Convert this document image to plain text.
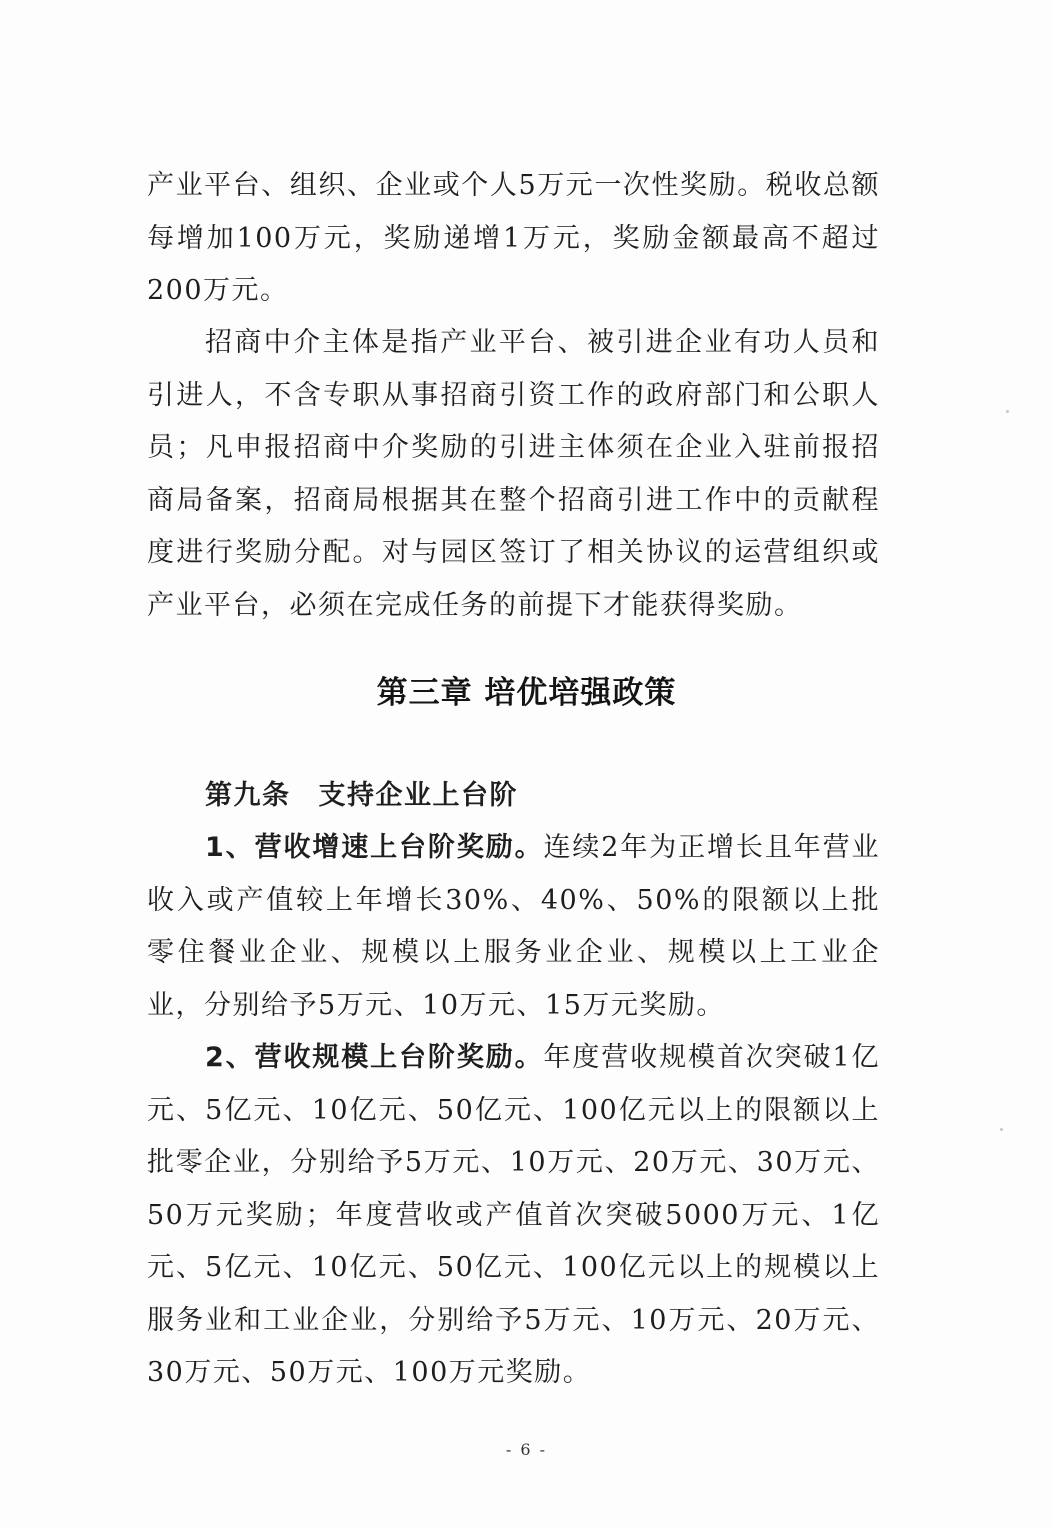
产业平台、组织、企业或个人5万元一次性奖励。税收总额每增加100万元，奖励递增1万元，奖励金额最高不超过200万元。

招商中介主体是指产业平台、被引进企业有功人员和引进人，不含专职从事招商引资工作的政府部门和公职人员；凡申报招商中介奖励的引进主体须在企业入驻前报招商局备案，招商局根据其在整个招商引进工作中的贡献程度进行奖励分配。对与园区签订了相关协议的运营组织或产业平台，必须在完成任务的前提下才能获得奖励。

第三章 培优培强政策
第九条 支持企业上台阶

1、营收增速上台阶奖励。连续2年为正增长且年营业收入或产值较上年增长30%、40%、50%的限额以上批零住餐业企业、规模以上服务业企业、规模以上工业企业，分别给予5万元、10万元、15万元奖励。

2、营收规模上台阶奖励。年度营收规模首次突破1亿元、5亿元、10亿元、50亿元、100亿元以上的限额以上批零企业，分别给予5万元、10万元、20万元、30万元、50万元奖励；年度营收或产值首次突破5000万元、1亿元、5亿元、10亿元、50亿元、100亿元以上的规模以上服务业和工业企业，分别给予5万元、10万元、20万元、30万元、50万元、100万元奖励。

- 6 -
